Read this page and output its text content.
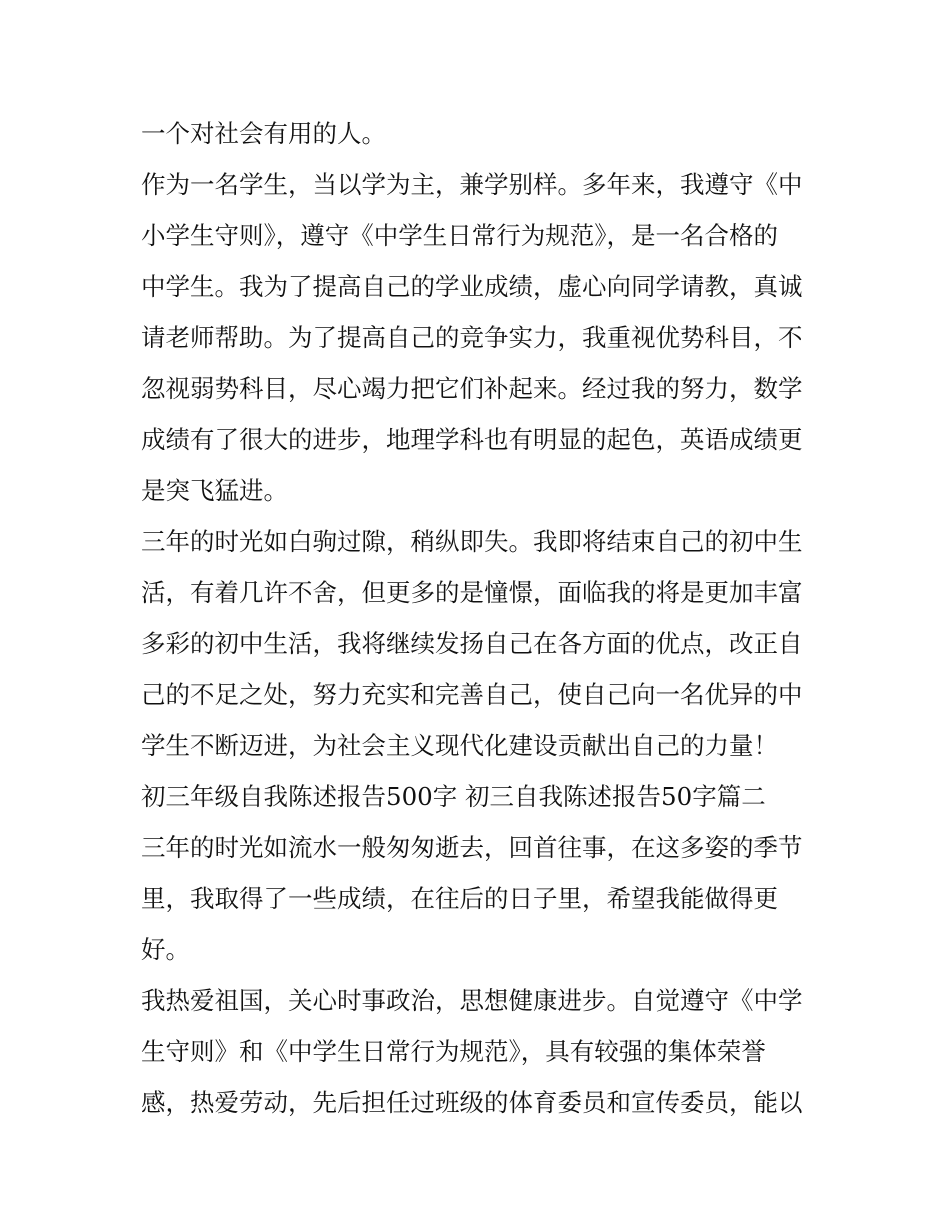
一个对社会有用的人。
作为一名学生，当以学为主，兼学别样。多年来，我遵守《中
小学生守则》，遵守《中学生日常行为规范》，是一名合格的
中学生。我为了提高自己的学业成绩，虚心向同学请教，真诚
请老师帮助。为了提高自己的竞争实力，我重视优势科目，不
忽视弱势科目，尽心竭力把它们补起来。经过我的努力，数学
成绩有了很大的进步，地理学科也有明显的起色，英语成绩更
是突飞猛进。
三年的时光如白驹过隙，稍纵即失。我即将结束自己的初中生
活，有着几许不舍，但更多的是憧憬，面临我的将是更加丰富
多彩的初中生活，我将继续发扬自己在各方面的优点，改正自
己的不足之处，努力充实和完善自己，使自己向一名优异的中
学生不断迈进，为社会主义现代化建设贡献出自己的力量！
初三年级自我陈述报告500字 初三自我陈述报告50字篇二
三年的时光如流水一般匆匆逝去，回首往事，在这多姿的季节
里，我取得了一些成绩，在往后的日子里，希望我能做得更
好。
我热爱祖国，关心时事政治，思想健康进步。自觉遵守《中学
生守则》和《中学生日常行为规范》，具有较强的集体荣誉
感，热爱劳动，先后担任过班级的体育委员和宣传委员，能以
